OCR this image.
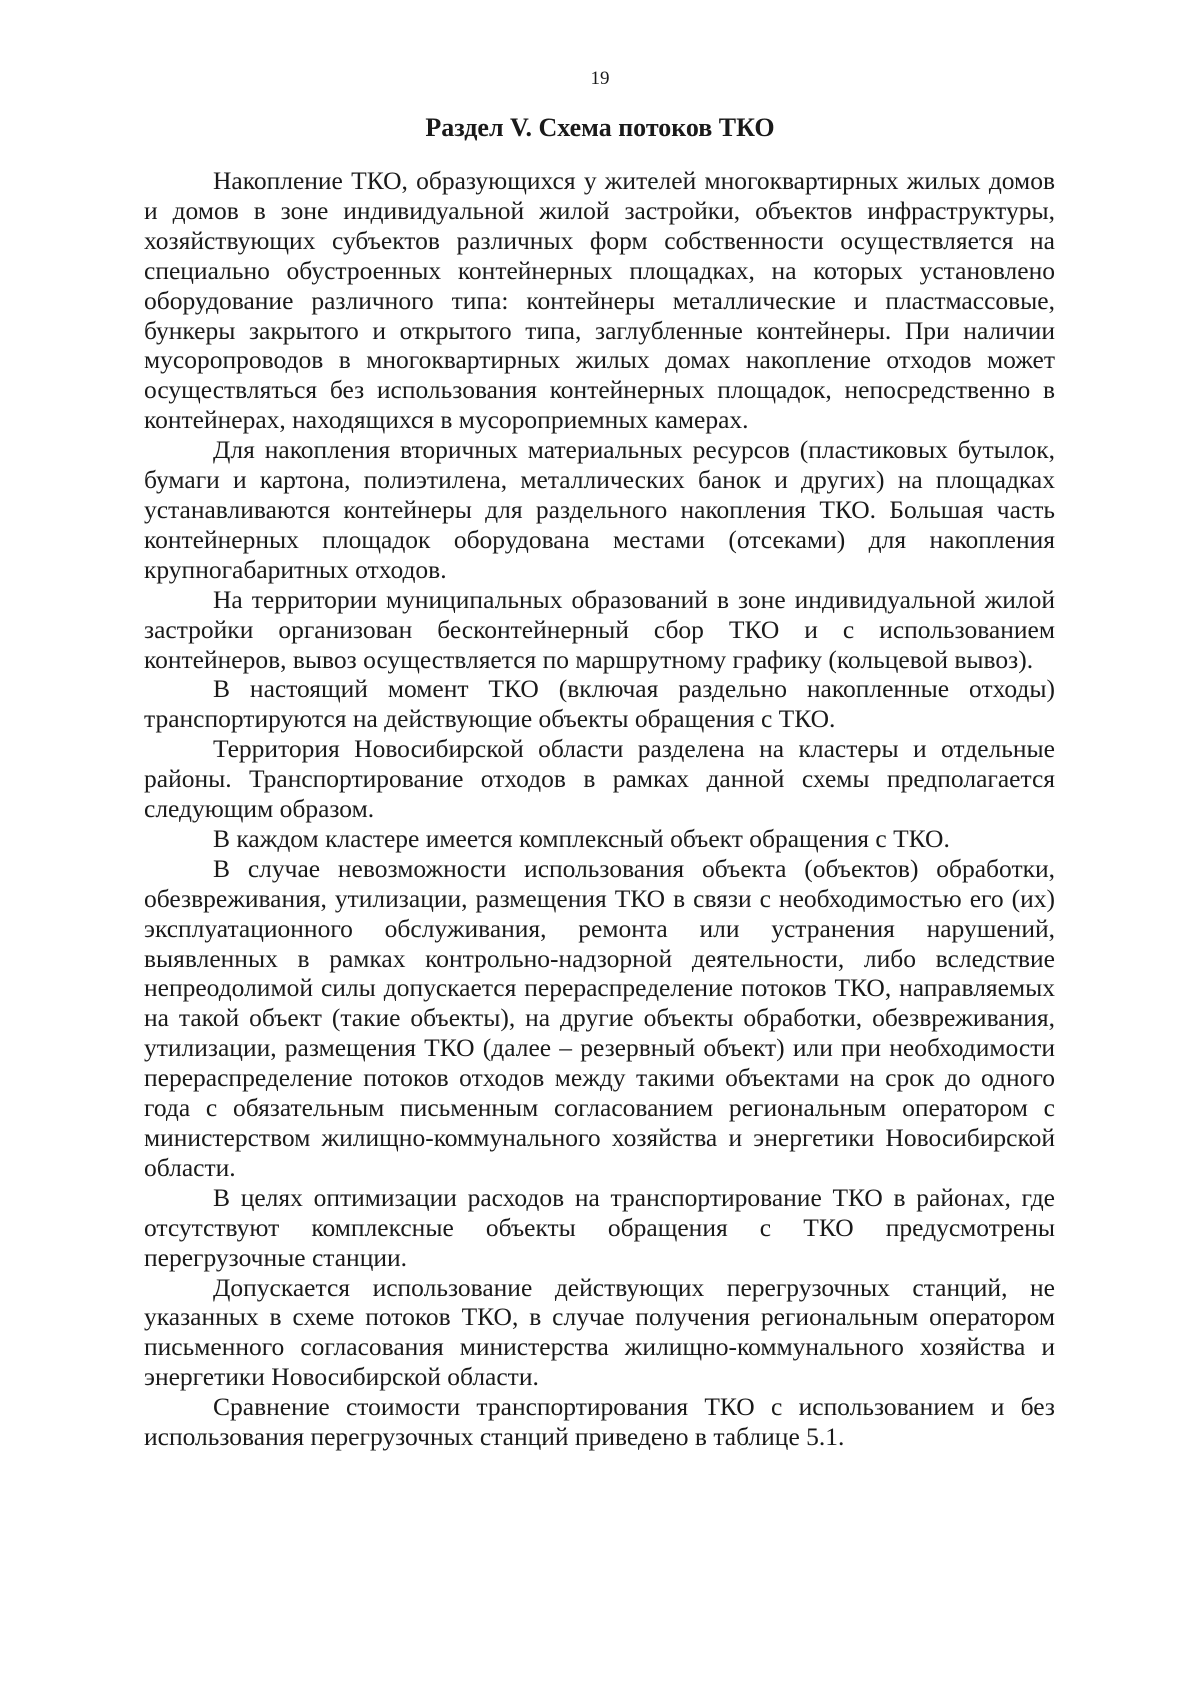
19
Раздел V. Схема потоков ТКО

Накопление ТКО, образующихся у жителей многоквартирных жилых домов и домов в зоне индивидуальной жилой застройки, объектов инфраструктуры, хозяйствующих субъектов различных форм собственности осуществляется на специально обустроенных контейнерных площадках, на которых установлено оборудование различного типа: контейнеры металлические и пластмассовые, бункеры закрытого и открытого типа, заглубленные контейнеры. При наличии мусоропроводов в многоквартирных жилых домах накопление отходов может осуществляться без использования контейнерных площадок, непосредственно в контейнерах, находящихся в мусороприемных камерах.

Для накопления вторичных материальных ресурсов (пластиковых бутылок, бумаги и картона, полиэтилена, металлических банок и других) на площадках устанавливаются контейнеры для раздельного накопления ТКО. Большая часть контейнерных площадок оборудована местами (отсеками) для накопления крупногабаритных отходов.

На территории муниципальных образований в зоне индивидуальной жилой застройки организован бесконтейнерный сбор ТКО и с использованием контейнеров, вывоз осуществляется по маршрутному графику (кольцевой вывоз).

В настоящий момент ТКО (включая раздельно накопленные отходы) транспортируются на действующие объекты обращения с ТКО.

Территория Новосибирской области разделена на кластеры и отдельные районы. Транспортирование отходов в рамках данной схемы предполагается следующим образом.

В каждом кластере имеется комплексный объект обращения с ТКО.

В случае невозможности использования объекта (объектов) обработки, обезвреживания, утилизации, размещения ТКО в связи с необходимостью его (их) эксплуатационного обслуживания, ремонта или устранения нарушений, выявленных в рамках контрольно-надзорной деятельности, либо вследствие непреодолимой силы допускается перераспределение потоков ТКО, направляемых на такой объект (такие объекты), на другие объекты обработки, обезвреживания, утилизации, размещения ТКО (далее – резервный объект) или при необходимости перераспределение потоков отходов между такими объектами на срок до одного года с обязательным письменным согласованием региональным оператором с министерством жилищно-коммунального хозяйства и энергетики Новосибирской области.

В целях оптимизации расходов на транспортирование ТКО в районах, где отсутствуют комплексные объекты обращения с ТКО предусмотрены перегрузочные станции.

Допускается использование действующих перегрузочных станций, не указанных в схеме потоков ТКО, в случае получения региональным оператором письменного согласования министерства жилищно-коммунального хозяйства и энергетики Новосибирской области.

Сравнение стоимости транспортирования ТКО с использованием и без использования перегрузочных станций приведено в таблице 5.1.
